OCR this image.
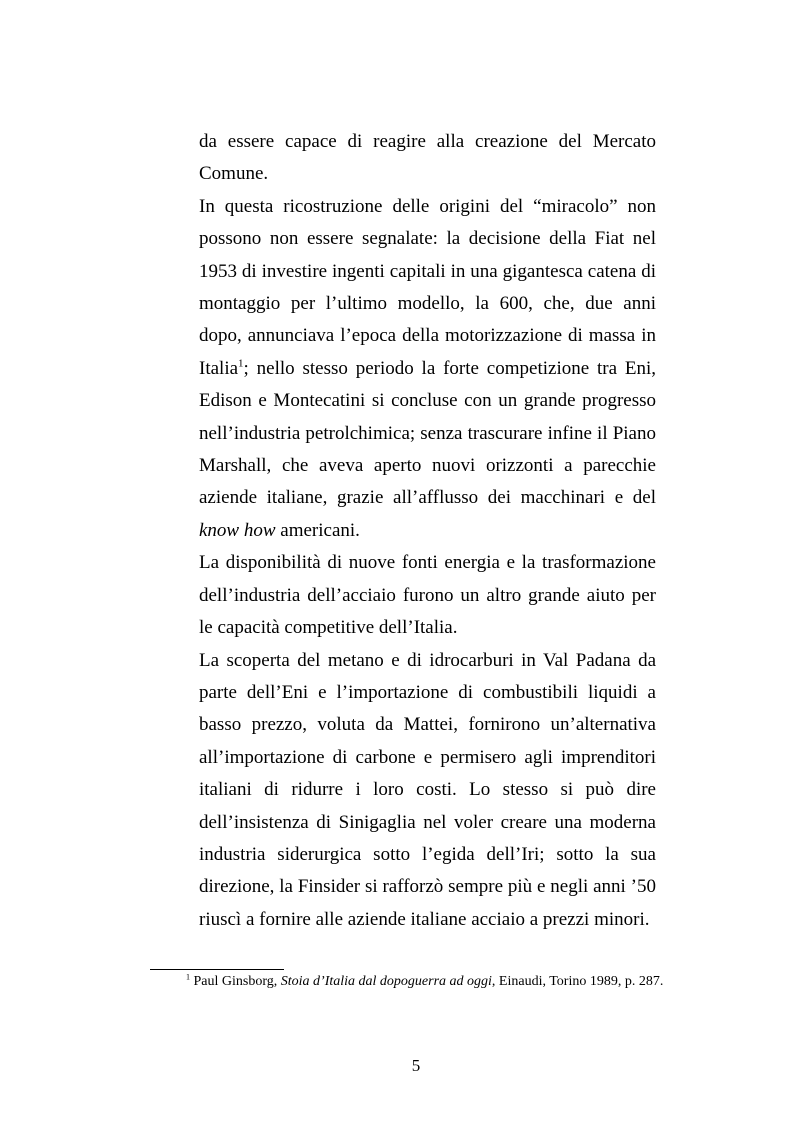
da essere capace di reagire alla creazione del Mercato Comune.

In questa ricostruzione delle origini del “miracolo” non possono non essere segnalate: la decisione della Fiat nel 1953 di investire ingenti capitali in una gigantesca catena di montaggio per l’ultimo modello, la 600, che, due anni dopo, annunciava l’epoca della motorizzazione di massa in Italia$^1$; nello stesso periodo la forte competizione tra Eni, Edison e Montecatini si concluse con un grande progresso nell’industria petrolchimica; senza trascurare infine il Piano Marshall, che aveva aperto nuovi orizzonti a parecchie aziende italiane, grazie all’afflusso dei macchinari e del know how americani.

La disponibilità di nuove fonti energia e la trasformazione dell’industria dell’acciaio furono un altro grande aiuto per le capacità competitive dell’Italia.

La scoperta del metano e di idrocarburi in Val Padana da parte dell’Eni e l’importazione di combustibili liquidi a basso prezzo, voluta da Mattei, fornirono un’alternativa all’importazione di carbone e permisero agli imprenditori italiani di ridurre i loro costi. Lo stesso si può dire dell’insistenza di Sinigaglia nel voler creare una moderna industria siderurgica sotto l’egida dell’Iri; sotto la sua direzione, la Finsider si rafforzò sempre più e negli anni ’50 riuscì a fornire alle aziende italiane acciaio a prezzi minori.

$^1$ Paul Ginsborg, Stoia d’Italia dal dopoguerra ad oggi, Einaudi, Torino 1989, p. 287.
5
